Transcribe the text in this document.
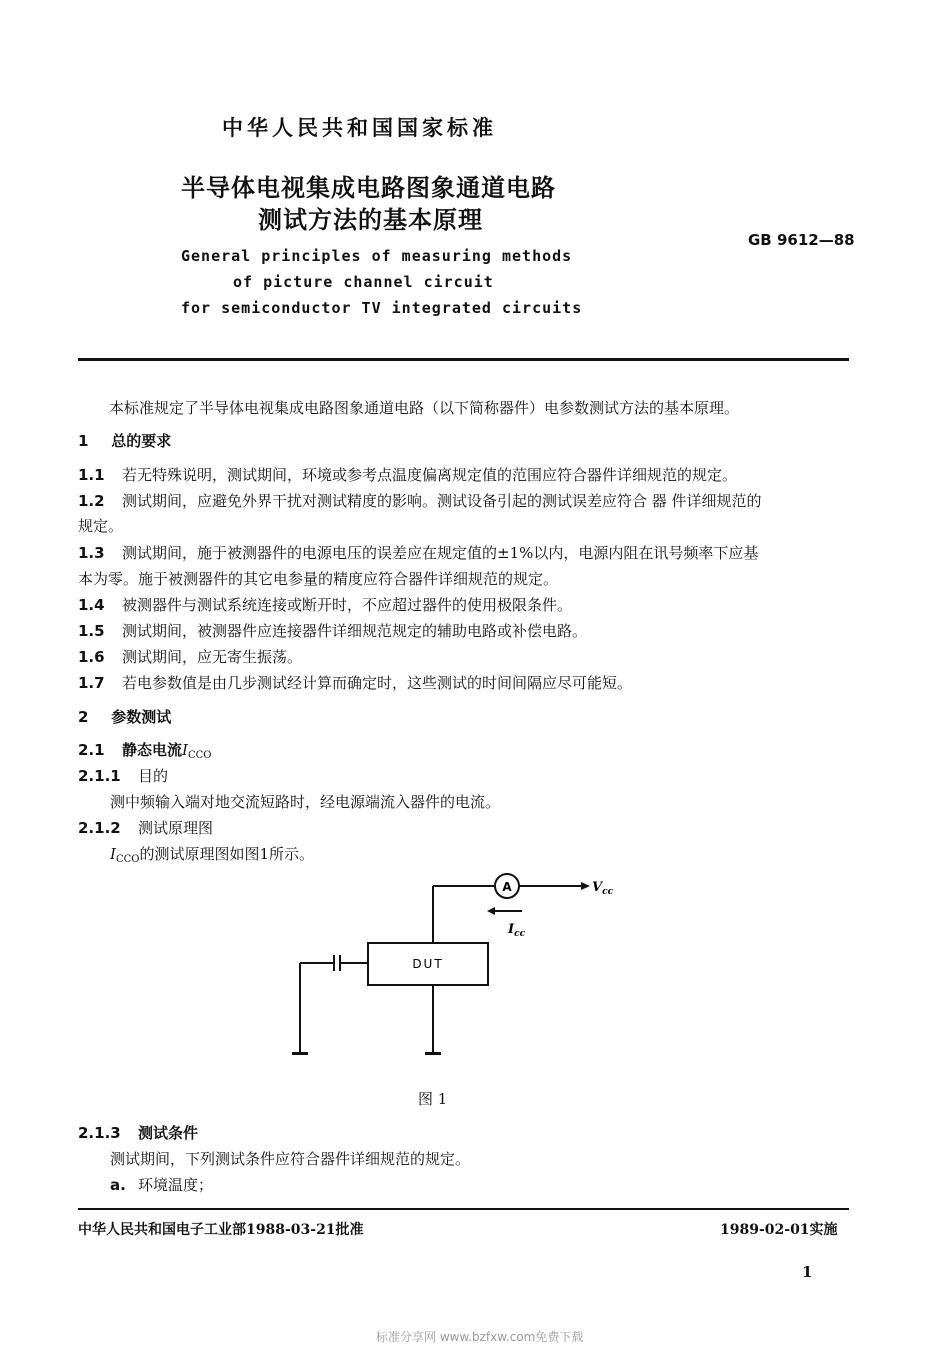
中华人民共和国国家标准
半导体电视集成电路图象通道电路
测试方法的基本原理
GB 9612—88
General principles of measuring methods
of picture channel circuit
for semiconductor TV integrated circuits
本标准规定了半导体电视集成电路图象通道电路（以下简称器件）电参数测试方法的基本原理。
1 总的要求
1.1 若无特殊说明，测试期间，环境或参考点温度偏离规定值的范围应符合器件详细规范的规定。
1.2 测试期间，应避免外界干扰对测试精度的影响。测试设备引起的测试误差应符合 器 件详细规范的
规定。
1.3 测试期间，施于被测器件的电源电压的误差应在规定值的±1%以内，电源内阻在讯号频率下应基
本为零。施于被测器件的其它电参量的精度应符合器件详细规范的规定。
1.4 被测器件与测试系统连接或断开时，不应超过器件的使用极限条件。
1.5 测试期间，被测器件应连接器件详细规范规定的辅助电路或补偿电路。
1.6 测试期间，应无寄生振荡。
1.7 若电参数值是由几步测试经计算而确定时，这些测试的时间间隔应尽可能短。
2 参数测试
2.1 静态电流$I_{CCO}$
2.1.1 目的
测中频输入端对地交流短路时，经电源端流入器件的电流。
2.1.2 测试原理图
$I_{CCO}$的测试原理图如图1所示。
A
DUT
$V_{cc}$
$I_{cc}$
图 1
2.1.3 测试条件
测试期间，下列测试条件应符合器件详细规范的规定。
a. 环境温度；
中华人民共和国电子工业部1988-03-21批准	1989-02-01实施
1
标准分享网 www.bzfxw.com免费下载
